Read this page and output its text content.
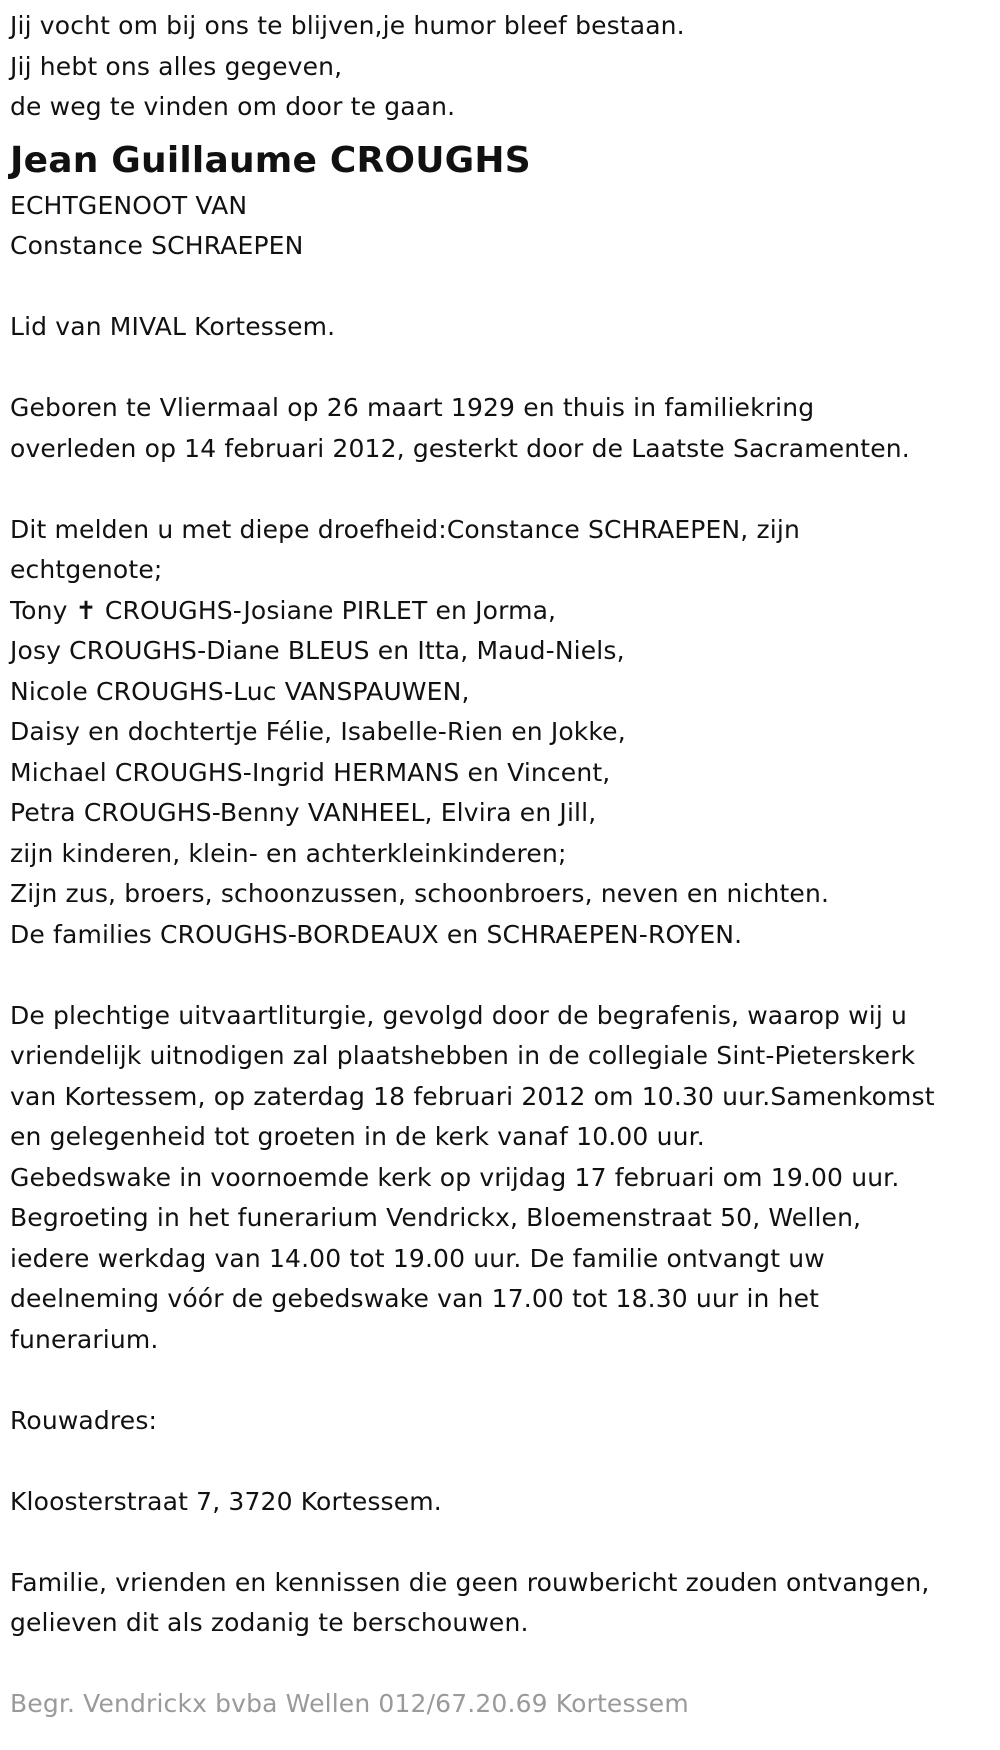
Jij vocht om bij ons te blijven,je humor bleef bestaan.
Jij hebt ons alles gegeven,
de weg te vinden om door te gaan.
Jean Guillaume CROUGHS
ECHTGENOOT VAN
Constance SCHRAEPEN
Lid van MIVAL Kortessem.
Geboren te Vliermaal op 26 maart 1929 en thuis in familiekring
overleden op 14 februari 2012, gesterkt door de Laatste Sacramenten.
Dit melden u met diepe droefheid:Constance SCHRAEPEN, zijn
echtgenote;
Tony ✝ CROUGHS-Josiane PIRLET en Jorma,
Josy CROUGHS-Diane BLEUS en Itta, Maud-Niels,
Nicole CROUGHS-Luc VANSPAUWEN,
Daisy en dochtertje Félie, Isabelle-Rien en Jokke,
Michael CROUGHS-Ingrid HERMANS en Vincent,
Petra CROUGHS-Benny VANHEEL, Elvira en Jill,
zijn kinderen, klein- en achterkleinkinderen;
Zijn zus, broers, schoonzussen, schoonbroers, neven en nichten.
De families CROUGHS-BORDEAUX en SCHRAEPEN-ROYEN.
De plechtige uitvaartliturgie, gevolgd door de begrafenis, waarop wij u
vriendelijk uitnodigen zal plaatshebben in de collegiale Sint-Pieterskerk
van Kortessem, op zaterdag 18 februari 2012 om 10.30 uur.Samenkomst
en gelegenheid tot groeten in de kerk vanaf 10.00 uur.
Gebedswake in voornoemde kerk op vrijdag 17 februari om 19.00 uur.
Begroeting in het funerarium Vendrickx, Bloemenstraat 50, Wellen,
iedere werkdag van 14.00 tot 19.00 uur. De familie ontvangt uw
deelneming vóór de gebedswake van 17.00 tot 18.30 uur in het
funerarium.
Rouwadres:
Kloosterstraat 7, 3720 Kortessem.
Familie, vrienden en kennissen die geen rouwbericht zouden ontvangen,
gelieven dit als zodanig te berschouwen.
Begr. Vendrickx bvba Wellen 012/67.20.69 Kortessem
